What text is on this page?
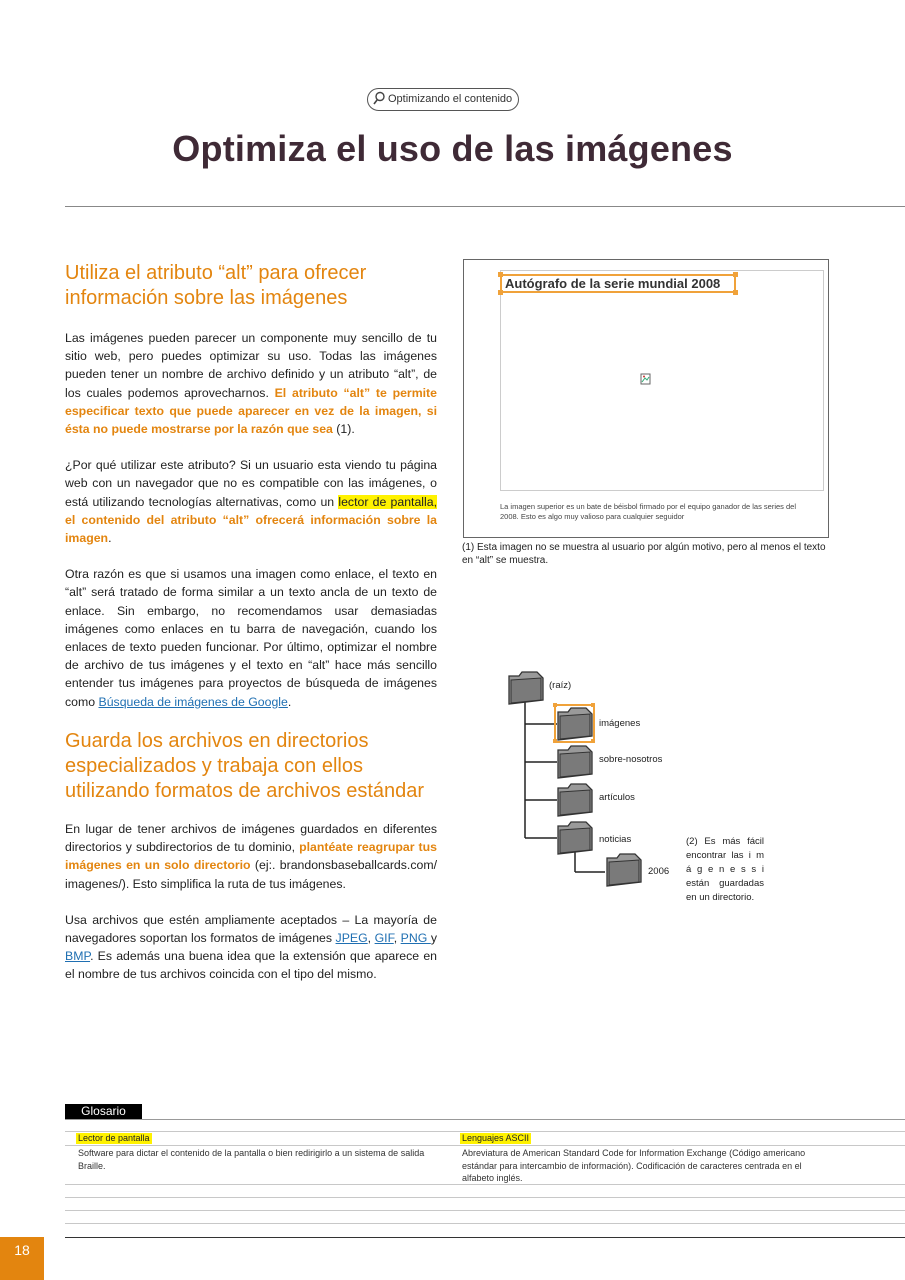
Optimizando el contenido
Optimiza el uso de las imágenes
Utiliza el atributo “alt” para ofrecer información sobre las imágenes

Las imágenes pueden parecer un componente muy sencillo de tu sitio web, pero puedes optimizar su uso. Todas las imágenes pueden tener un nombre de archivo definido y un atributo “alt”, de los cuales podemos aprovecharnos. El atributo “alt” te permite especificar texto que puede aparecer en vez de la imagen, si ésta no puede mostrarse por la razón que sea (1).

¿Por qué utilizar este atributo? Si un usuario esta viendo tu página web con un navegador que no es compatible con las imágenes, o está utilizando tecnologías alternativas, como un lector de pantalla, el contenido del atributo “alt” ofrecerá información sobre la imagen.

Otra razón es que si usamos una imagen como enlace, el texto en “alt” será tratado de forma similar a un texto ancla de un texto de enlace. Sin embargo, no recomendamos usar demasiadas imágenes como enlaces en tu barra de navegación, cuando los enlaces de texto pueden funcionar. Por último, optimizar el nombre de archivo de tus imágenes y el texto en “alt” hace más sencillo entender tus imágenes para proyectos de búsqueda de imágenes como Búsqueda de imágenes de Google.

Guarda los archivos en directorios especializados y trabaja con ellos utilizando formatos de archivos estándar

En lugar de tener archivos de imágenes guardados en diferentes directorios y subdirectorios de tu dominio, plantéate reagrupar tus imágenes en un solo directorio (ej:. brandonsbaseballcards.com/ imagenes/). Esto simplifica la ruta de tus imágenes.

Usa archivos que estén ampliamente aceptados – La mayoría de navegadores soportan los formatos de imágenes JPEG, GIF, PNG y BMP. Es además una buena idea que la extensión que aparece en el nombre de tus archivos coincida con el tipo del mismo.

Autógrafo de la serie mundial 2008
La imagen superior es un bate de béisbol firmado por el equipo ganador de las series del 2008. Esto es algo muy valioso para cualquier seguidor
(1) Esta imagen no se muestra al usuario por algún motivo, pero al menos el texto en “alt” se muestra.
(raíz)
imágenes
sobre-nosotros
artículos
noticias
2006
(2) Es más fácil encontrar las i m á g e n e s s i están guardadas en un directorio.
Glosario
Lector de pantalla
Software para dictar el contenido de la pantalla o bien redirigirlo a un sistema de salida Braille.
Lenguajes ASCII
Abreviatura de American Standard Code for Information Exchange (Código americano estándar para intercambio de información). Codificación de caracteres centrada en el alfabeto inglés.
18
